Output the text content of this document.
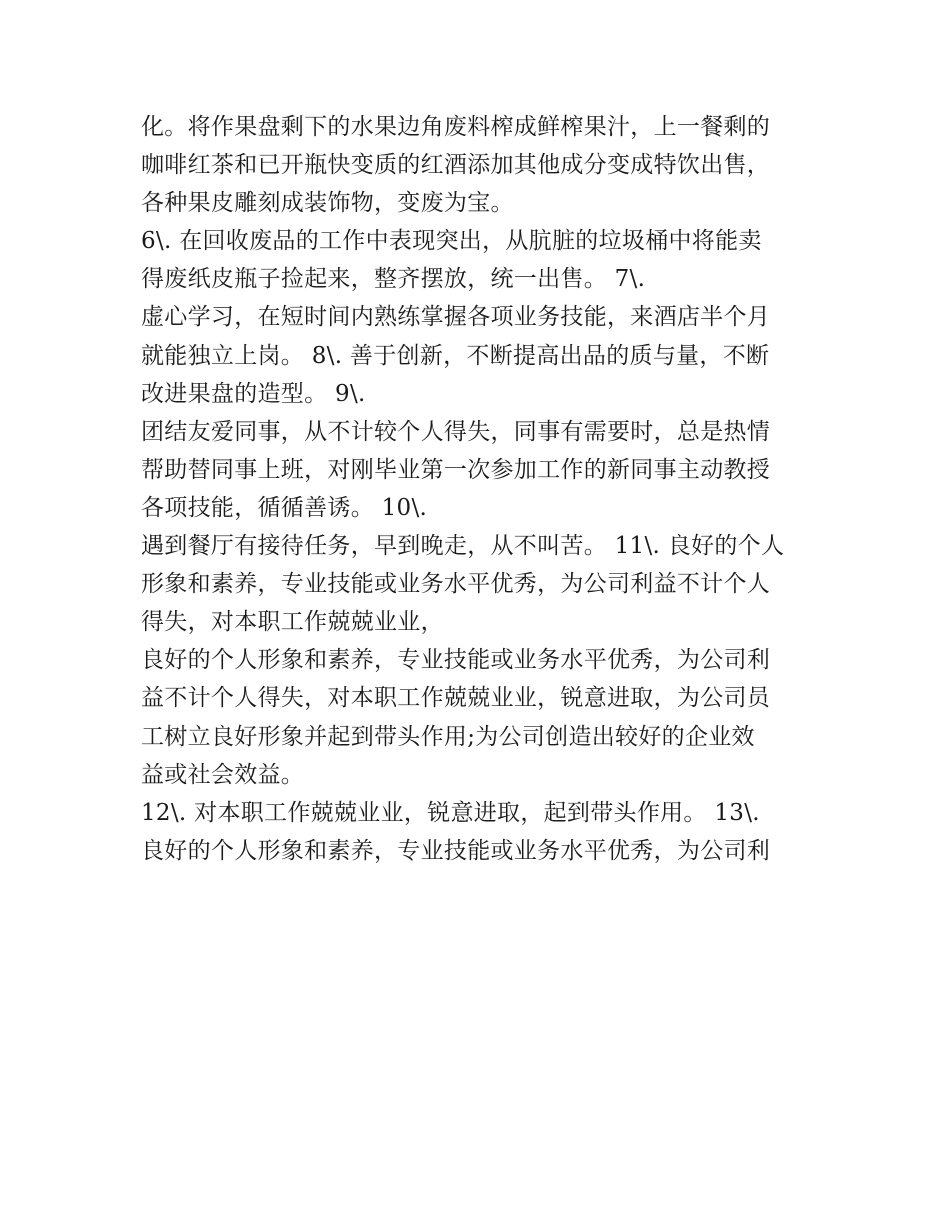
化。将作果盘剩下的水果边角废料榨成鲜榨果汁，上一餐剩的
咖啡红茶和已开瓶快变质的红酒添加其他成分变成特饮出售，
各种果皮雕刻成装饰物，变废为宝。
6\. 在回收废品的工作中表现突出，从肮脏的垃圾桶中将能卖
得废纸皮瓶子捡起来，整齐摆放，统一出售。 7\.
虚心学习，在短时间内熟练掌握各项业务技能，来酒店半个月
就能独立上岗。 8\. 善于创新，不断提高出品的质与量，不断
改进果盘的造型。 9\.
团结友爱同事，从不计较个人得失，同事有需要时，总是热情
帮助替同事上班，对刚毕业第一次参加工作的新同事主动教授
各项技能，循循善诱。 10\.
遇到餐厅有接待任务，早到晚走，从不叫苦。 11\. 良好的个人
形象和素养，专业技能或业务水平优秀，为公司利益不计个人
得失，对本职工作兢兢业业，
良好的个人形象和素养，专业技能或业务水平优秀，为公司利
益不计个人得失，对本职工作兢兢业业，锐意进取，为公司员
工树立良好形象并起到带头作用;为公司创造出较好的企业效
益或社会效益。
12\. 对本职工作兢兢业业，锐意进取，起到带头作用。 13\.
良好的个人形象和素养，专业技能或业务水平优秀，为公司利
